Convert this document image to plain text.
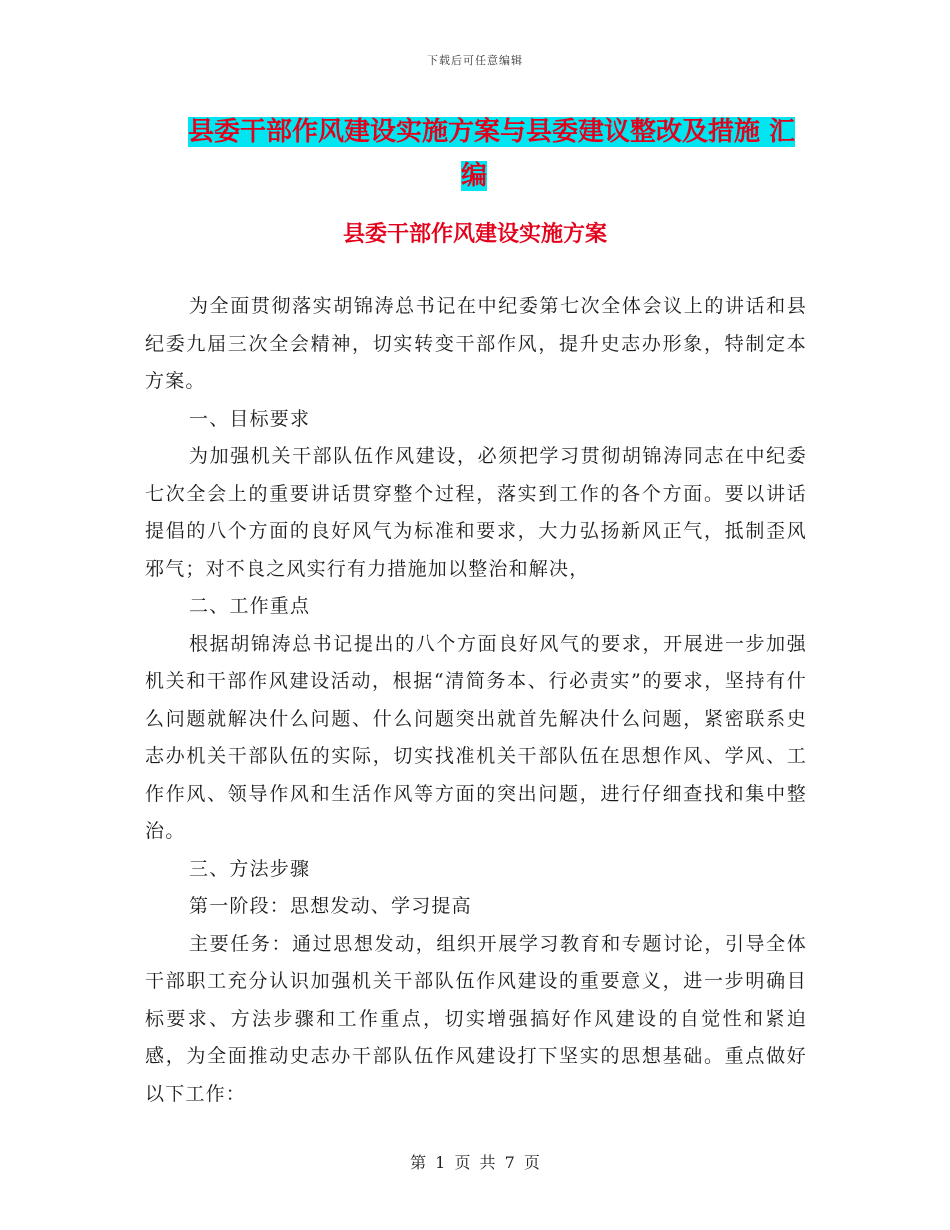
下载后可任意编辑
县委干部作风建设实施方案与县委建议整改及措施 汇
编
县委干部作风建设实施方案

为全面贯彻落实胡锦涛总书记在中纪委第七次全体会议上的讲话和县纪委九届三次全会精神，切实转变干部作风，提升史志办形象，特制定本方案。

一、目标要求

为加强机关干部队伍作风建设，必须把学习贯彻胡锦涛同志在中纪委七次全会上的重要讲话贯穿整个过程，落实到工作的各个方面。要以讲话提倡的八个方面的良好风气为标准和要求，大力弘扬新风正气，抵制歪风邪气；对不良之风实行有力措施加以整治和解决，

二、工作重点

根据胡锦涛总书记提出的八个方面良好风气的要求，开展进一步加强机关和干部作风建设活动，根据“清简务本、行必责实”的要求，坚持有什么问题就解决什么问题、什么问题突出就首先解决什么问题，紧密联系史志办机关干部队伍的实际，切实找准机关干部队伍在思想作风、学风、工作作风、领导作风和生活作风等方面的突出问题，进行仔细查找和集中整治。

三、方法步骤

第一阶段：思想发动、学习提高

主要任务：通过思想发动，组织开展学习教育和专题讨论，引导全体干部职工充分认识加强机关干部队伍作风建设的重要意义，进一步明确目标要求、方法步骤和工作重点，切实增强搞好作风建设的自觉性和紧迫感，为全面推动史志办干部队伍作风建设打下坚实的思想基础。重点做好以下工作：

第 1 页 共 7 页
